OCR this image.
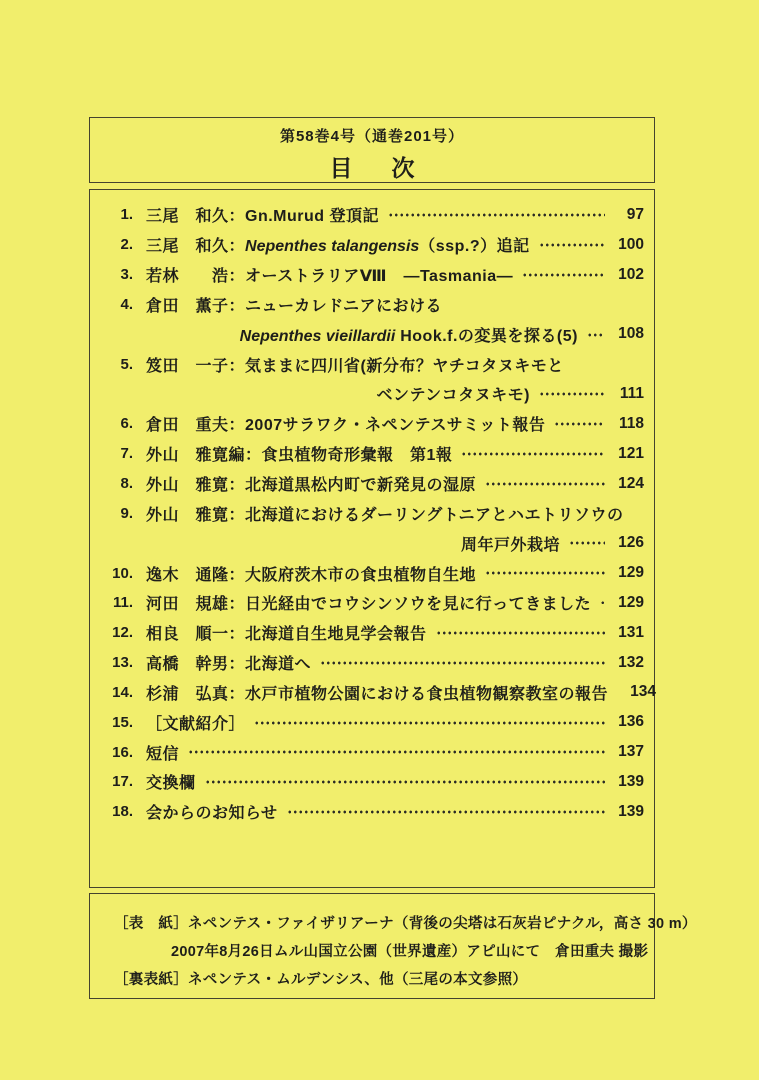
第58巻4号（通巻201号）
目　次
1. 三尾　和久：Gn.Murud 登頂記	97
2. 三尾　和久：Nepenthes talangensis（ssp.?）追記	100
3. 若林　　浩：オーストラリアⅧ　—Tasmania—	102
4. 倉田　薫子：ニューカレドニアにおける
Nepenthes vieillardii Hook.f.の変異を探る(5)	108
5. 笈田　一子：気ままに四川省(新分布？ヤチコタヌキモと
ベンテンコタヌキモ)	111
6. 倉田　重夫：2007サラワク・ネペンテスサミット報告	118
7. 外山　雅寛編：食虫植物奇形彙報　第1報	121
8. 外山　雅寛：北海道黒松内町で新発見の湿原	124
9. 外山　雅寛：北海道におけるダーリングトニアとハエトリソウの
周年戸外栽培	126
10. 逸木　通隆：大阪府茨木市の食虫植物自生地	129
11. 河田　規雄：日光経由でコウシンソウを見に行ってきました	129
12. 相良　順一：北海道自生地見学会報告	131
13. 高橋　幹男：北海道へ	132
14. 杉浦　弘真：水戸市植物公園における食虫植物観察教室の報告	134
15. ［文献紹介］	136
16. 短信	137
17. 交換欄	139
18. 会からのお知らせ	139
［表　紙］ネペンテス・ファイザリアーナ（背後の尖塔は石灰岩ピナクル，高さ 30 m）
2007年8月26日ムル山国立公園（世界遺産）アピ山にて　倉田重夫 撮影
［裏表紙］ネペンテス・ムルデンシス、他（三尾の本文参照）
